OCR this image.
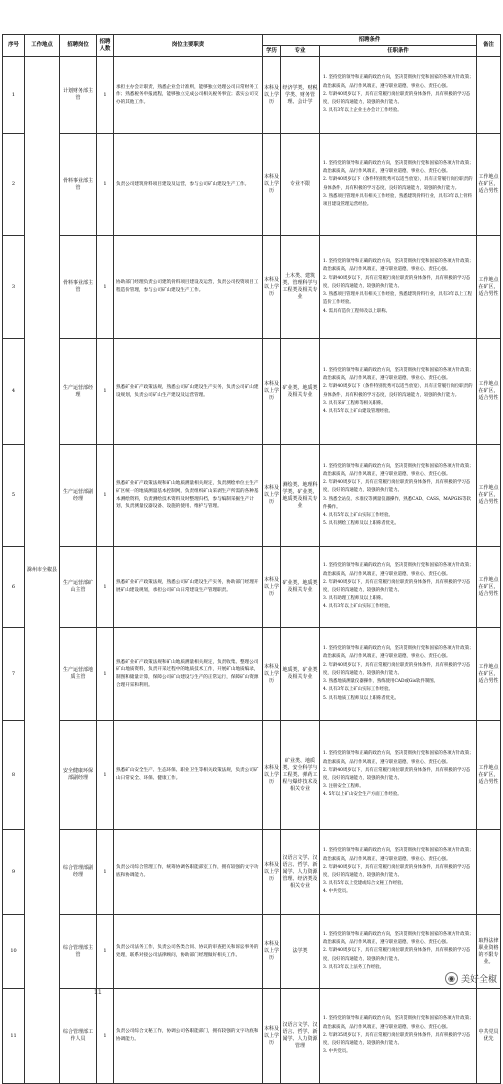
序号	工作地点	招聘岗位	招聘人数	岗位主要职责	招聘条件			备注
					学历	专业	任职条件	
1	滁州市全椒县	计划财务部主管	1	承担主办会计职责，熟悉企业会计准则，能够独立处理公司日常财务工作；熟悉税务申报流程，能够独立完成公司相关税务事宜；落实公司交办的其他工作。	本科及以上学历	经济学类、财税学类、财务管理、会计学	1. 坚持党的领导和正确的政治方向，坚决贯彻执行党和国家的各项方针政策；政治素质高，品行作风端正，遵守职业道德，事业心、责任心强。
2. 年龄40周岁以下，具有正常履行岗位职责的身体条件，具有积极的学习态度，良好的沟通能力，较强的执行能力。
3. 具有3年以上企业主办会计工作经验。	
2		骨料事业部主管	1	负责公司建筑骨料项目建设及运营，参与公司矿山建设生产工作。	本科及以上学历	专业不限	1. 坚持党的领导和正确的政治方向，坚决贯彻执行党和国家的各项方针政策；政治素质高，品行作风端正，遵守职业道德，事业心、责任心强。
2. 年龄40周岁以下（条件特别优秀可以适当放宽），具有正常履行岗位职责的身体条件，具有积极的学习态度，良好的沟通能力，较强的执行能力。
3. 熟悉项目管理并具有相关工作经验，熟悉建筑骨料行业，具有3年以上骨料项目建设管理运营经验。	工作地点在矿区，适合男性
3		骨料事业部主管	1	协助部门经理负责公司建筑骨料项目建设及运营，负责公司投资项目工程造价管理，参与公司矿山建设生产工作。	本科及以上学历	土木类、建筑类、管理科学与工程类及相关专业	1. 坚持党的领导和正确的政治方向，坚决贯彻执行党和国家的各项方针政策；政治素质高，品行作风端正，遵守职业道德，事业心、责任心强。
2. 年龄40周岁以下，具有正常履行岗位职责的身体条件，具有积极的学习态度，良好的沟通能力，较强的执行能力。
3. 熟悉项目管理并具有相关工作经验，熟悉建筑骨料行业，具有3年以上工程造价工作经验。
4. 需具有造价工程师及以上职称。	工作地点在矿区，适合男性
4		生产运营部经理	1	熟悉矿业矿产政策法规，熟悉公司矿山建设生产实务，负责公司矿山建设规划，负责公司矿山生产建设及运营管理。	本科及以上学历	矿业类、地质类及相关专业	1. 坚持党的领导和正确的政治方向，坚决贯彻执行党和国家的各项方针政策；政治素质高，品行作风端正，遵守职业道德，事业心、责任心强。
2. 年龄40周岁以下（条件特别优秀可以适当放宽），具有正常履行岗位职责的身体条件，具有积极的学习态度，良好的沟通能力，较强的执行能力。
3. 具有采矿工程师等相关职称。
4. 具有5年以上矿山建设管理经验。	工作地点在矿区，适合男性
5		生产运营部副经理	1	熟悉矿业矿产政策法规和矿山地质测量相关规定，负责测绘单位主生产矿区统一的地质测量基本控制网，负责组织矿山采剥生产所需的各种基本测绘资料，负责测绘技术资料及时整理归档，参与编制采掘生产计划，负责测量仪器设备、设施的使用、维护与管理。	本科及以上学历	测绘类、地理科学类、矿业类、地质类及相关专业	1. 坚持党的领导和正确的政治方向，坚决贯彻执行党和国家的各项方针政策；政治素质高，品行作风端正，遵守职业道德，事业心、责任心强。
2. 年龄40周岁以下，具有正常履行岗位职责的身体条件，具有积极的学习态度，良好的沟通能力，较强的执行能力。
3. 熟悉全站仪、水准仪等测量仪器操作，熟悉CAD、CASS、MAPGIS等软件操作。
4. 具有5年以上矿山实际工作经验。
5. 具有测绘工程师及以上职称者优先。	工作地点在矿区，适合男性
6		生产运营部矿山主管	1	熟悉矿业矿产政策法规，熟悉公司矿山建设生产实务，协助部门经理开展矿山建设规划，承担公司矿山日常建设生产管理职责。	本科及以上学历	矿业类、地质类及相关专业	1. 坚持党的领导和正确的政治方向，坚决贯彻执行党和国家的各项方针政策；政治素质高，品行作风端正，遵守职业道德，事业心、责任心强。
2. 年龄40周岁以下，具有正常履行岗位职责的身体条件，具有积极的学习态度，良好的沟通能力，较强的执行能力。
3. 具有助理工程师及以上职称。
4. 具有3年以上矿山实际工作经验。	工作地点在矿区，适合男性
7		生产运营部地质主管	1	熟悉矿业矿产政策法规和矿山地质测量相关规定，负责收集、整理公司矿山地质资料，负责开采过程中的地质技术工作，开展矿山地质编录，制图和储量计算，保障公司矿山建设与生产的正常运行，保障矿山资源合理开采和利用。	本科及以上学历	地质类、矿业类及相关专业	1. 坚持党的领导和正确的政治方向，坚决贯彻执行党和国家的各项方针政策；政治素质高，品行作风端正，遵守职业道德，事业心、责任心强。
2. 年龄40周岁以下，具有正常履行岗位职责的身体条件，具有积极的学习态度，良好的沟通能力，较强的执行能力。
3. 熟悉地质测量仪器操作，熟练使用CAD或Gis软件制图。
4. 具有3年以上矿山实际工作经验。
5. 具有地质工程师及以上职称者优先。	工作地点在矿区，适合男性
8		安全健康环保部副经理	1	熟悉矿山安全生产、生态环保、职业卫生等相关政策法规，负责公司矿山日常安全、环保、健康工作。	本科及以上学历	矿业类、地质类、安全科学与工程类、弹药工程与爆炸技术及相关专业	1. 坚持党的领导和正确的政治方向，坚决贯彻执行党和国家的各项方针政策；政治素质高，品行作风端正，遵守职业道德，事业心、责任心强。
2. 年龄40周岁以下，具有正常履行岗位职责的身体条件，具有积极的学习态度，良好的沟通能力，较强的执行能力。
3. 注册安全工程师。
4. 5年以上矿山安全生产方面工作经验。	工作地点在矿区，适合男性
9		综合管理部副经理	1	负责公司综合管理工作，统筹协调各职能部室工作，拥有较强的文字功底和协调能力。	本科及以上学历	汉语言文学、汉语言、哲学、新闻学、人力资源管理、经济类及相关专业	1. 坚持党的领导和正确的政治方向，坚决贯彻执行党和国家的各项方针政策；政治素质高，品行作风端正，遵守职业道德，事业心、责任心强。
2. 年龄40周岁以下，具有正常履行岗位职责的身体条件，具有积极的学习态度，良好的沟通能力，较强的执行能力。
3. 具有5年以上党建或综合文秘工作经验。
4. 中共党员。	
10		综合管理部主管	1	负责公司法务工作，负责公司各类合同、协议的审查把关和诉讼事务的处理，联系对接公司法律顾问，协助部门经理做好相关工作。	本科及以上学历	法学类	1. 坚持党的领导和正确的政治方向，坚决贯彻执行党和国家的各项方针政策；政治素质高，品行作风端正，遵守职业道德，事业心、责任心强。
2. 年龄40周岁以下，具有正常履行岗位职责的身体条件，具有积极的学习态度，良好的沟通能力，较强的执行能力。
3. 具有3年以上法务工作经验。	取得法律职业资格的不限专业。
11		综合管理部工作人员	1	负责公司综合文秘工作，协调公司各职能部门，拥有较强的文字功底和协调能力。	本科及以上学历	汉语言文学、汉语言、哲学、新闻学、人力资源管理	1. 坚持党的领导和正确的政治方向，坚决贯彻执行党和国家的各项方针政策；政治素质高，品行作风端正，遵守职业道德，事业心、责任心强。
2. 年龄35周岁以下，具有正常履行岗位职责的身体条件，具有积极的学习态度，良好的沟通能力，较强的执行能力。
3. 中共党员。	中共党员优先
11
◉ 美好全椒
